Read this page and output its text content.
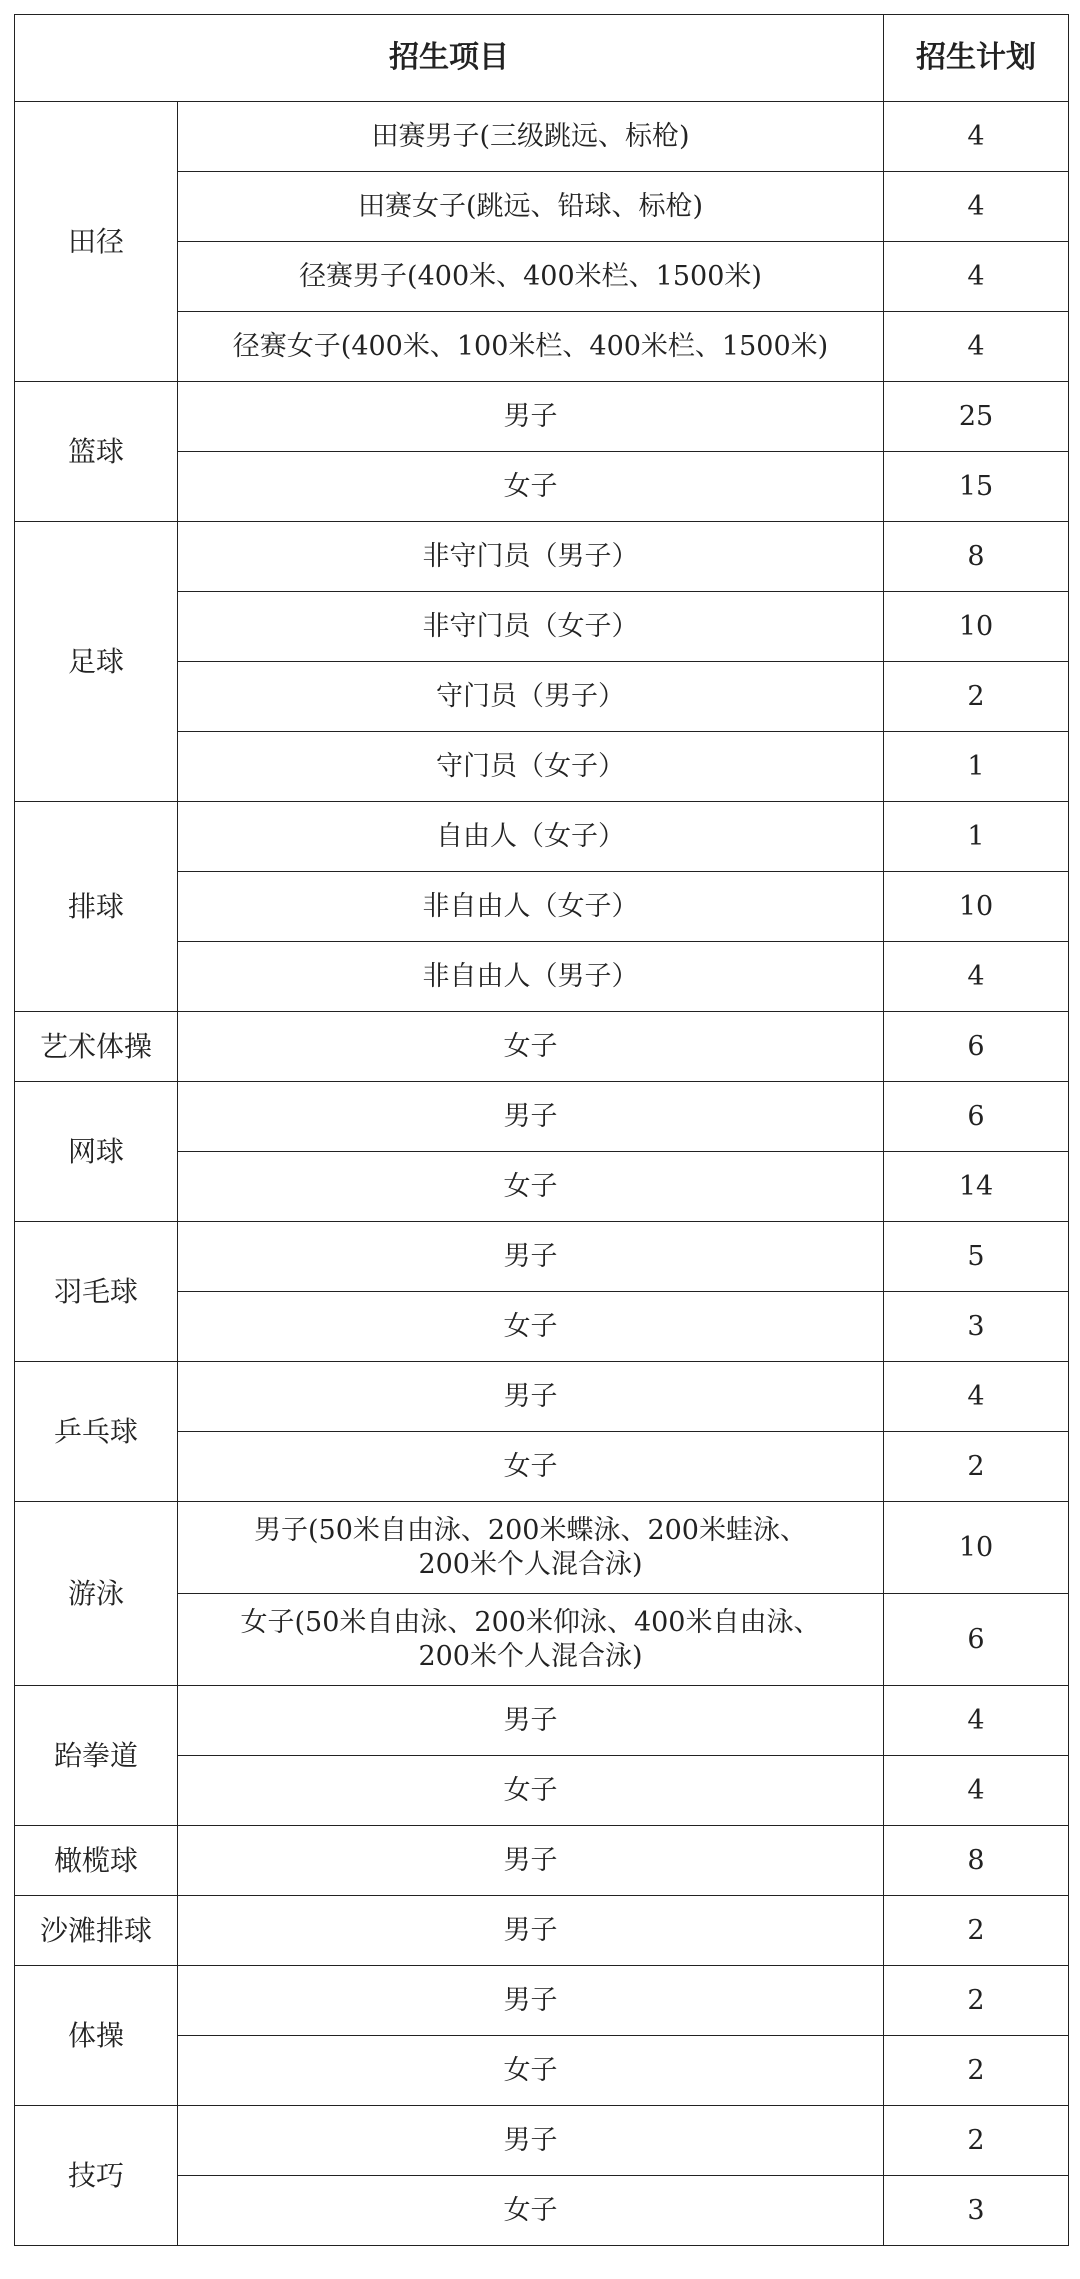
招生项目		招生计划
田径	田赛男子(三级跳远、标枪)	4
	田赛女子(跳远、铅球、标枪)	4
	径赛男子(400米、400米栏、1500米)	4
	径赛女子(400米、100米栏、400米栏、1500米)	4
篮球	男子	25
	女子	15
足球	非守门员（男子）	8
	非守门员（女子）	10
	守门员（男子）	2
	守门员（女子）	1
排球	自由人（女子）	1
	非自由人（女子）	10
	非自由人（男子）	4
艺术体操	女子	6
网球	男子	6
	女子	14
羽毛球	男子	5
	女子	3
乒乓球	男子	4
	女子	2
游泳	男子(50米自由泳、200米蝶泳、200米蛙泳、
200米个人混合泳)	10

	女子(50米自由泳、200米仰泳、400米自由泳、
200米个人混合泳)	6
跆拳道	男子	4
	女子	4
橄榄球	男子	8
沙滩排球	男子	2
体操	男子	2
	女子	2
技巧	男子	2
	女子	3
